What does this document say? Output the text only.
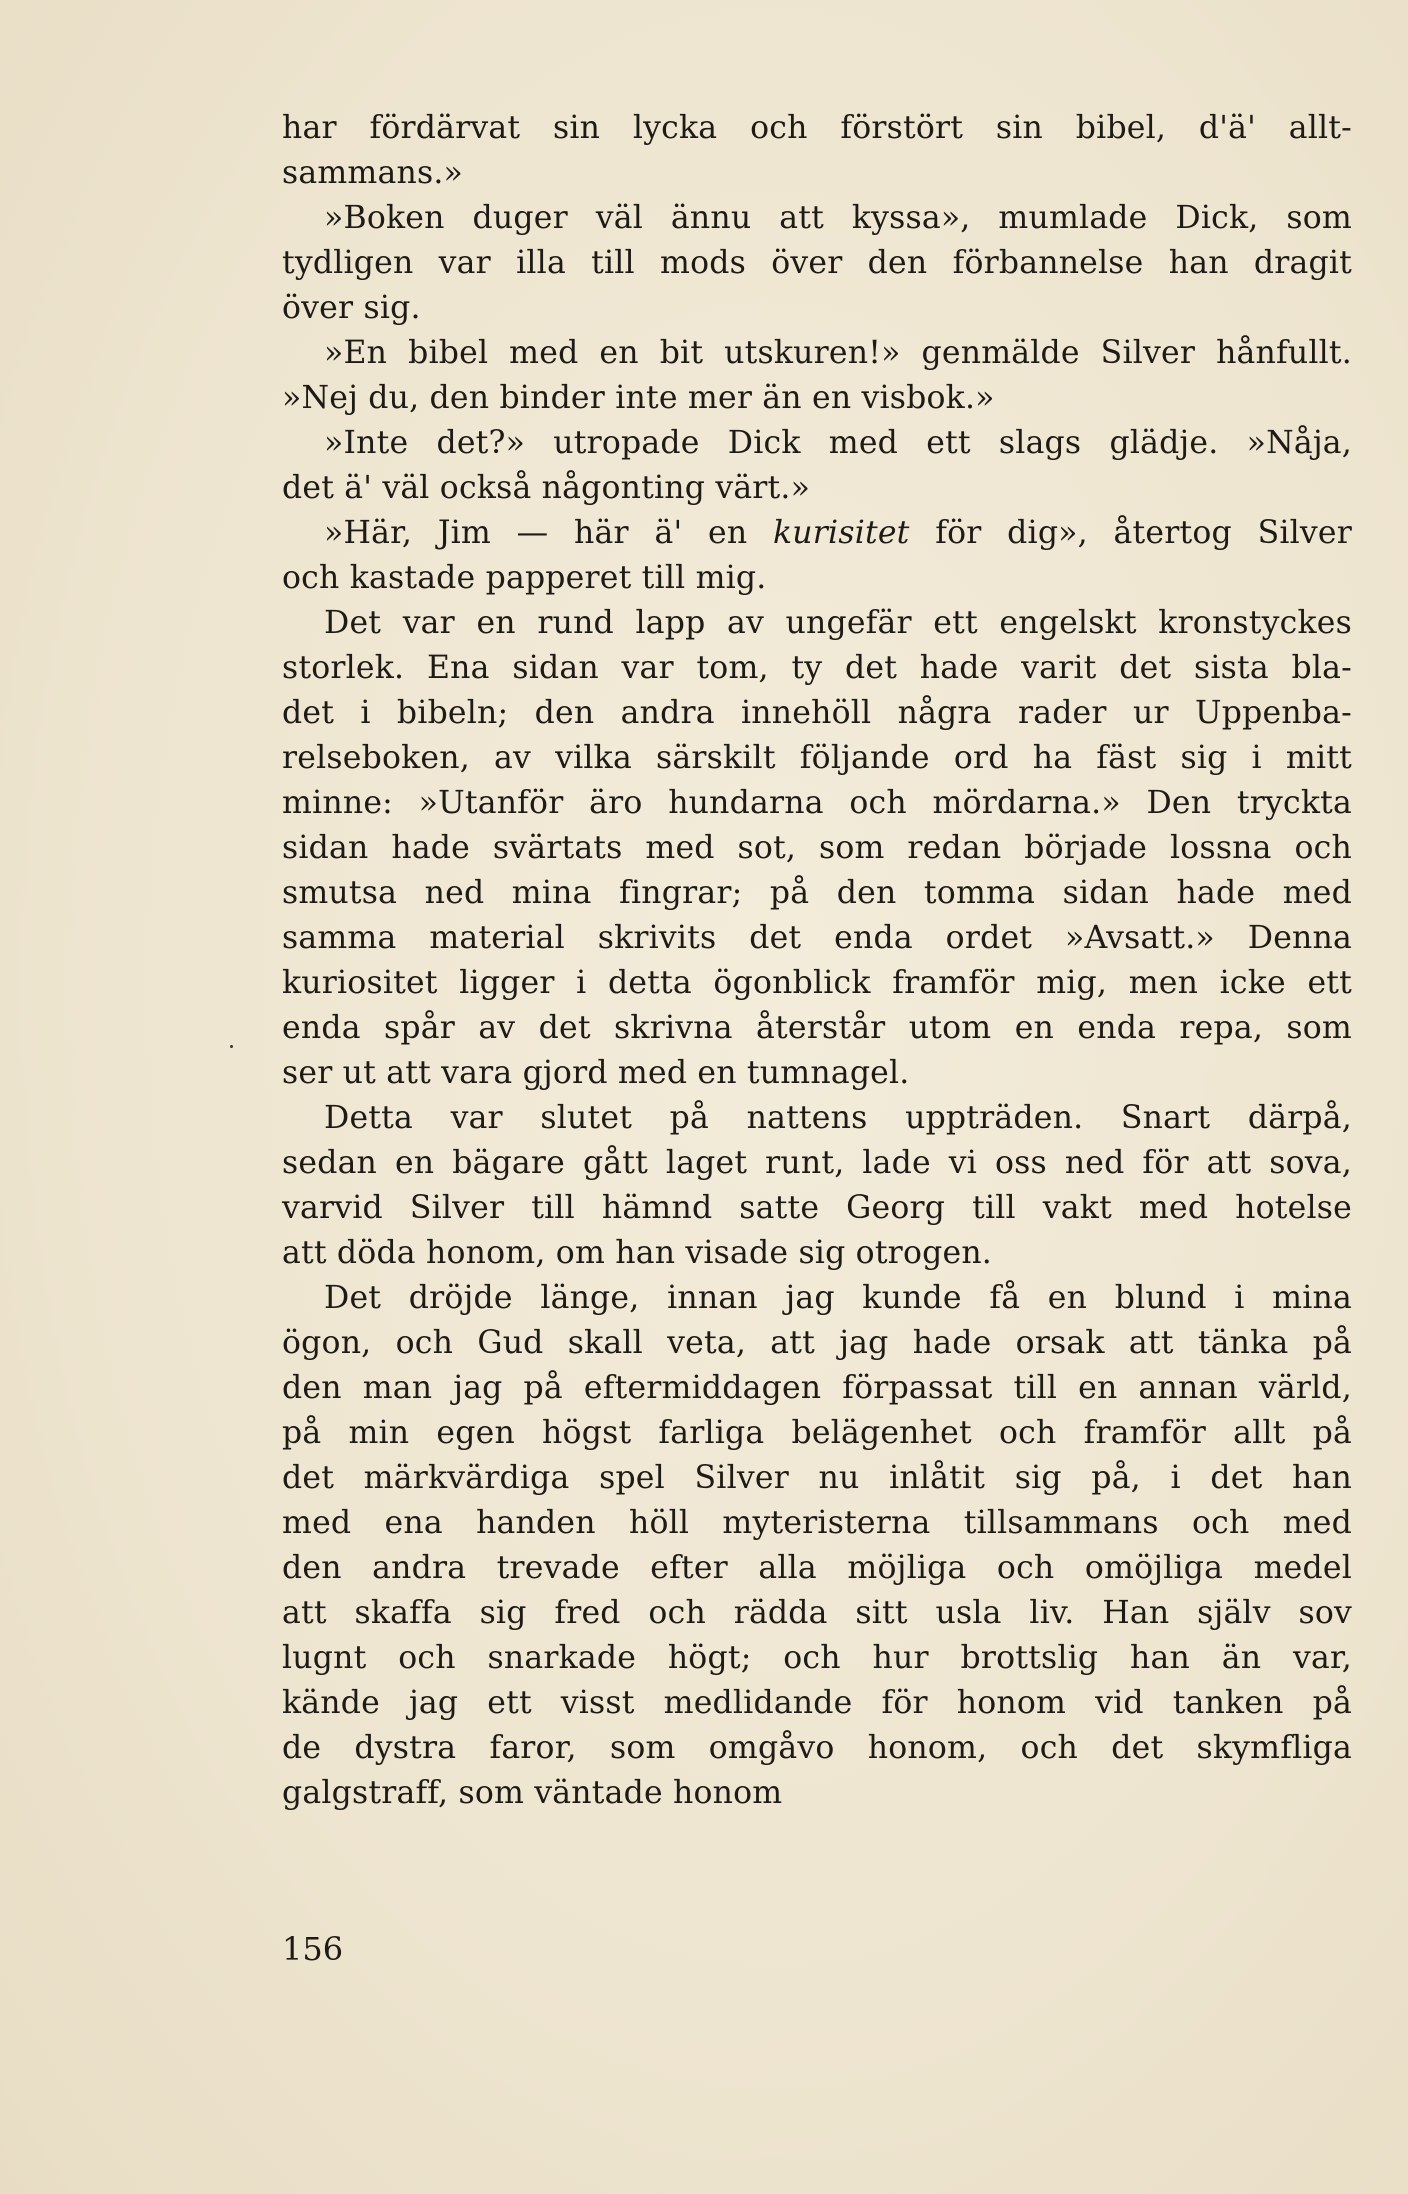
har fördärvat sin lycka och förstört sin bibel, d'ä' allt-
sammans.»
»Boken duger väl ännu att kyssa», mumlade Dick, som
tydligen var illa till mods över den förbannelse han dragit
över sig.
»En bibel med en bit utskuren!» genmälde Silver hånfullt.
»Nej du, den binder inte mer än en visbok.»
»Inte det?» utropade Dick med ett slags glädje. »Nåja,
det ä' väl också någonting värt.»
»Här, Jim — här ä' en kurisitet för dig», återtog Silver
och kastade papperet till mig.
Det var en rund lapp av ungefär ett engelskt kronstyckes
storlek. Ena sidan var tom, ty det hade varit det sista bla-
det i bibeln; den andra innehöll några rader ur Uppenba-
relseboken, av vilka särskilt följande ord ha fäst sig i mitt
minne: »Utanför äro hundarna och mördarna.» Den tryckta
sidan hade svärtats med sot, som redan började lossna och
smutsa ned mina fingrar; på den tomma sidan hade med
samma material skrivits det enda ordet »Avsatt.» Denna
kuriositet ligger i detta ögonblick framför mig, men icke ett
enda spår av det skrivna återstår utom en enda repa, som
ser ut att vara gjord med en tumnagel.
Detta var slutet på nattens uppträden. Snart därpå,
sedan en bägare gått laget runt, lade vi oss ned för att sova,
varvid Silver till hämnd satte Georg till vakt med hotelse
att döda honom, om han visade sig otrogen.
Det dröjde länge, innan jag kunde få en blund i mina
ögon, och Gud skall veta, att jag hade orsak att tänka på
den man jag på eftermiddagen förpassat till en annan värld,
på min egen högst farliga belägenhet och framför allt på
det märkvärdiga spel Silver nu inlåtit sig på, i det han
med ena handen höll myteristerna tillsammans och med
den andra trevade efter alla möjliga och omöjliga medel
att skaffa sig fred och rädda sitt usla liv. Han själv sov
lugnt och snarkade högt; och hur brottslig han än var,
kände jag ett visst medlidande för honom vid tanken på
de dystra faror, som omgåvo honom, och det skymfliga
galgstraff, som väntade honom
156
